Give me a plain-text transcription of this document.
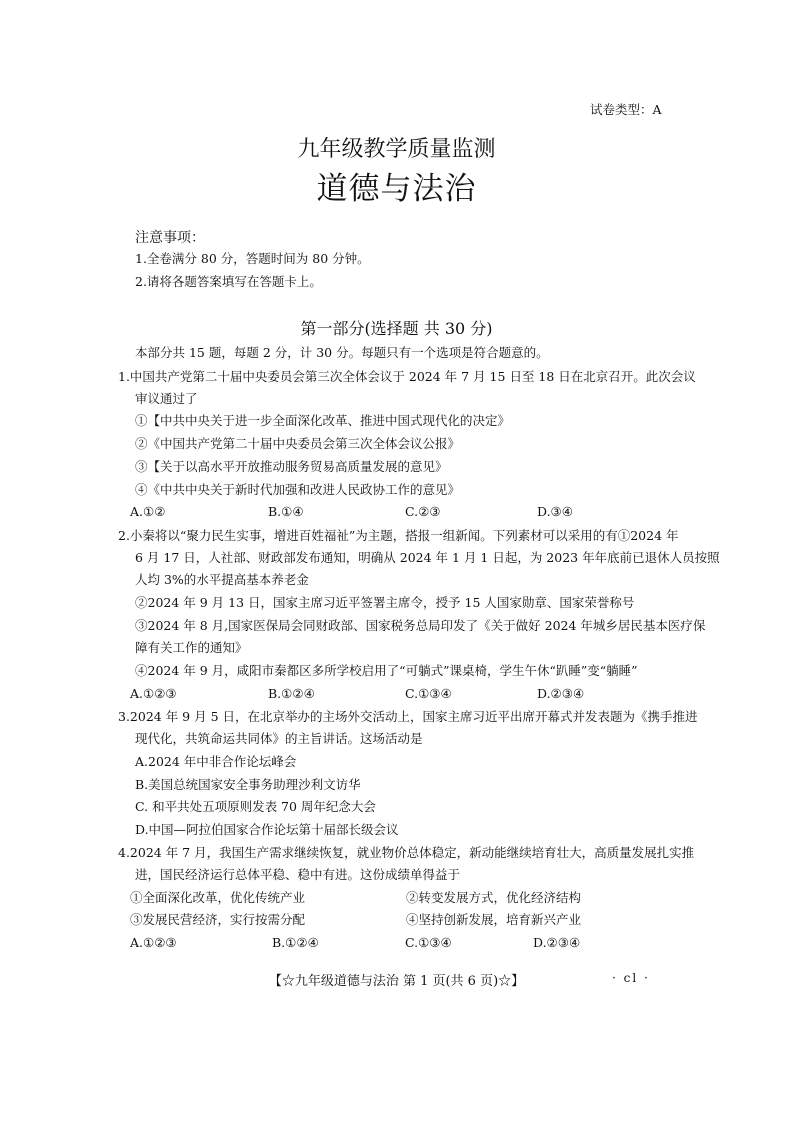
试卷类型：A
九年级教学质量监测
道德与法治
注意事项：
1.全卷满分 80 分，答题时间为 80 分钟。
2.请将各题答案填写在答题卡上。
第一部分(选择题 共 30 分)
本部分共 15 题，每题 2 分，计 30 分。每题只有一个选项是符合题意的。
1.中国共产党第二十届中央委员会第三次全体会议于 2024 年 7 月 15 日至 18 日在北京召开。此次会议
审议通过了
①【中共中央关于进一步全面深化改革、推进中国式现代化的决定》
②《中国共产党第二十届中央委员会第三次全体会议公报》
③【关于以高水平开放推动服务贸易高质量发展的意见》
④《中共中央关于新时代加强和改进人民政协工作的意见》
A.①②	B.①④	C.②③	D.③④
2.小秦将以“聚力民生实事，增进百姓福祉”为主题，搭报一组新闻。下列素材可以采用的有①2024 年
6 月 17 日，人社部、财政部发布通知，明确从 2024 年 1 月 1 日起，为 2023 年年底前已退休人员按照
人均 3%的水平提高基本养老金
②2024 年 9 月 13 日，国家主席习近平签署主席令，授予 15 人国家勋章、国家荣誉称号
③2024 年 8 月,国家医保局会同财政部、国家税务总局印发了《关于做好 2024 年城乡居民基本医疗保
障有关工作的通知》
④2024 年 9 月，咸阳市秦都区多所学校启用了“可躺式”课桌椅，学生午休“趴睡”变“躺睡”
A.①②③	B.①②④	C.①③④	D.②③④
3.2024 年 9 月 5 日，在北京举办的主场外交活动上，国家主席习近平出席开幕式并发表题为《携手推进
现代化，共筑命运共同体》的主旨讲话。这场活动是
A.2024 年中非合作论坛峰会
B.美国总统国家安全事务助理沙利文访华
C. 和平共处五项原则发表 70 周年纪念大会
D.中国—阿拉伯国家合作论坛第十届部长级会议
4.2024 年 7 月，我国生产需求继续恢复，就业物价总体稳定，新动能继续培育壮大，高质量发展扎实推
进，国民经济运行总体平稳、稳中有进。这份成绩单得益于
①全面深化改革，优化传统产业	②转变发展方式，优化经济结构
③发展民营经济，实行按需分配	④坚持创新发展，培育新兴产业
A.①②③	B.①②④	C.①③④	D.②③④
【☆九年级道德与法治 第 1 页(共 6 页)☆】	· cl ·
